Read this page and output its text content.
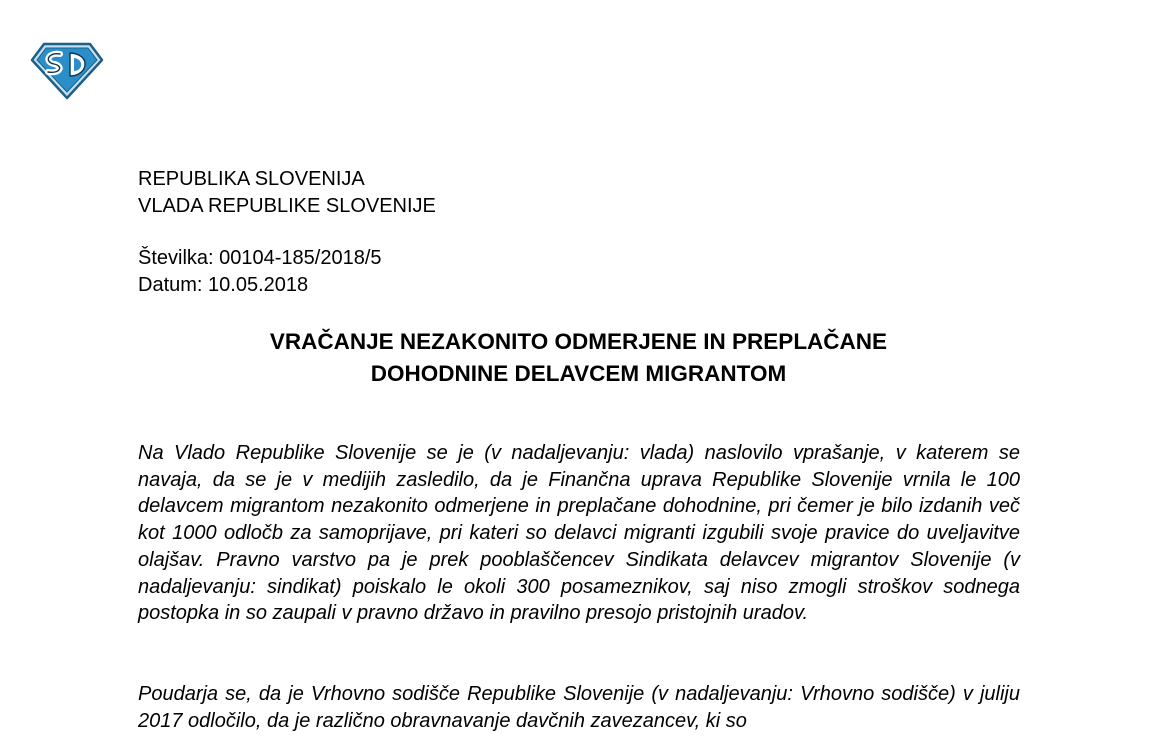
REPUBLIKA SLOVENIJA
VLADA REPUBLIKE SLOVENIJE
Številka: 00104-185/2018/5
Datum: 10.05.2018
VRAČANJE NEZAKONITO ODMERJENE IN PREPLAČANE
DOHODNINE DELAVCEM MIGRANTOM

Na Vlado Republike Slovenije se je (v nadaljevanju: vlada) naslovilo vprašanje, v katerem se navaja, da se je v medijih zasledilo, da je Finančna uprava Republike Slovenije vrnila le 100 delavcem migrantom nezakonito odmerjene in preplačane dohodnine, pri čemer je bilo izdanih več kot 1000 odločb za samoprijave, pri kateri so delavci migranti izgubili svoje pravice do uveljavitve olajšav. Pravno varstvo pa je prek pooblaščencev Sindikata delavcev migrantov Slovenije (v nadaljevanju: sindikat) poiskalo le okoli 300 posameznikov, saj niso zmogli stroškov sodnega postopka in so zaupali v pravno državo in pravilno presojo pristojnih uradov.

Poudarja se, da je Vrhovno sodišče Republike Slovenije (v nadaljevanju: Vrhovno sodišče) v juliju 2017 odločilo, da je različno obravnavanje davčnih zavezancev, ki so
